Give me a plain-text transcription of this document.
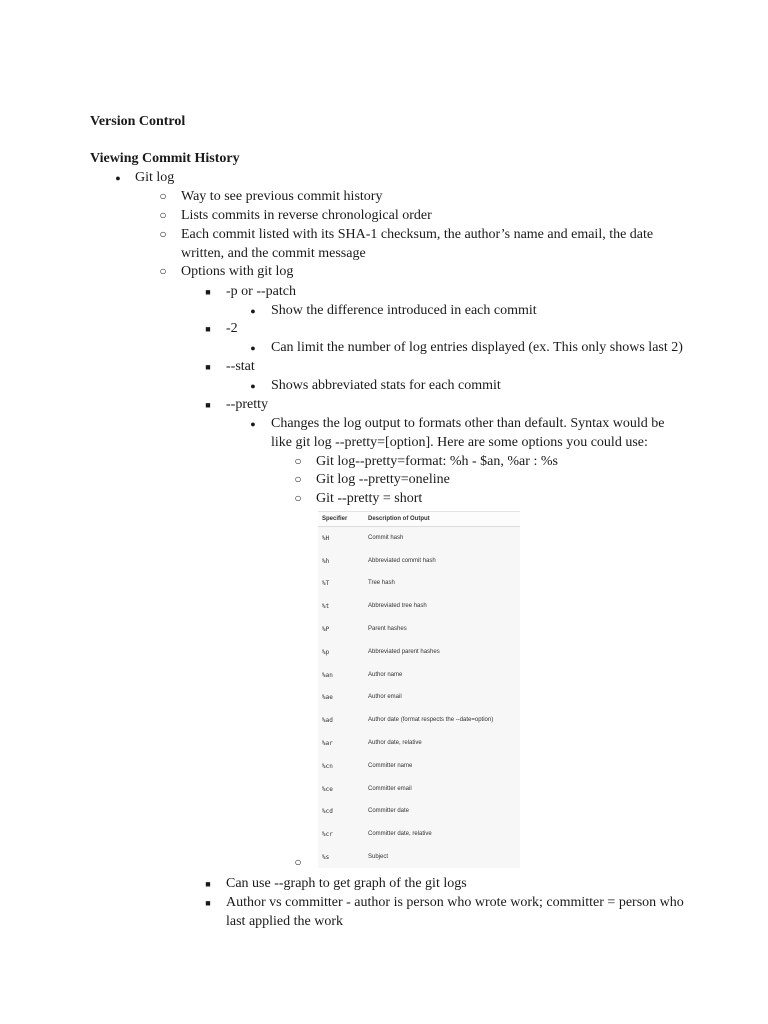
Version Control
Viewing Commit History
●
Git log
○
Way to see previous commit history
○
Lists commits in reverse chronological order
○
Each commit listed with its SHA-1 checksum, the author’s name and email, the date
written, and the commit message
○
Options with git log
■
-p or --patch
●
Show the difference introduced in each commit
■
-2
●
Can limit the number of log entries displayed (ex. This only shows last 2)
■
--stat
●
Shows abbreviated stats for each commit
■
--pretty
●
Changes the log output to formats other than default. Syntax would be
like git log --pretty=[option]. Here are some options you could use:
○
Git log--pretty=format: %h - $an, %ar : %s
○
Git log --pretty=oneline
○
Git --pretty = short
Specifier	Description of Output
%H	Commit hash
%h	Abbreviated commit hash
%T	Tree hash
%t	Abbreviated tree hash
%P	Parent hashes
%p	Abbreviated parent hashes
%an	Author name
%ae	Author email
%ad	Author date (format respects the --date=option)
%ar	Author date, relative
%cn	Committer name
%ce	Committer email
%cd	Committer date
%cr	Committer date, relative
%s	Subject
○
■
Can use --graph to get graph of the git logs
■
Author vs committer - author is person who wrote work; committer = person who
last applied the work
